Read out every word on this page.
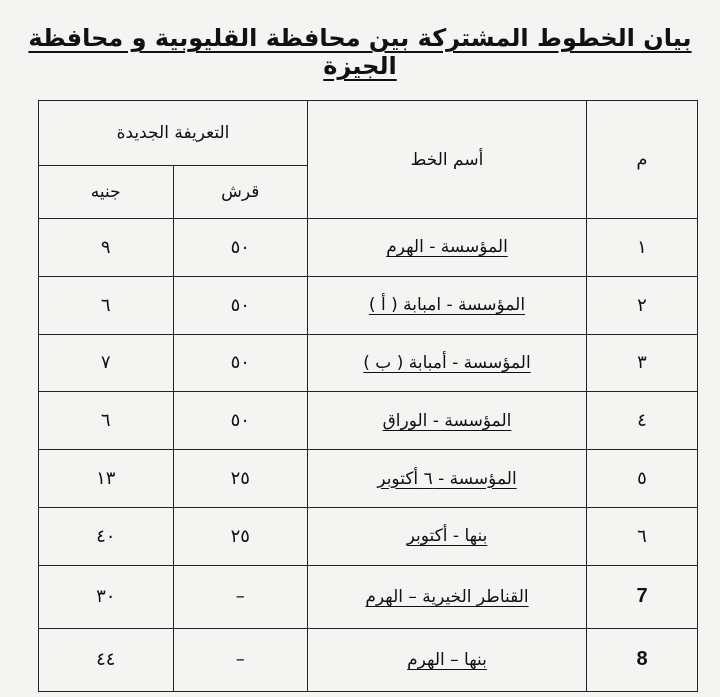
بيان الخطوط المشتركة بين محافظة القليوبية و محافظة الجيزة
م	أسم الخط	التعريفة الجديدة	
		قرش	جنيه
١	المؤسسة - الهرم	٥٠	٩
٢	المؤسسة - امبابة ( أ )	٥٠	٦
٣	المؤسسة - أمبابة ( ب )	٥٠	٧
٤	المؤسسة - الوراق	٥٠	٦
٥	المؤسسة - ٦ أكتوبر	٢٥	١٣
٦	بنها - أكتوبر	٢٥	٤٠
7	القناطر الخيرية – الهرم	–	٣٠
8	بنها – الهرم	–	٤٤
